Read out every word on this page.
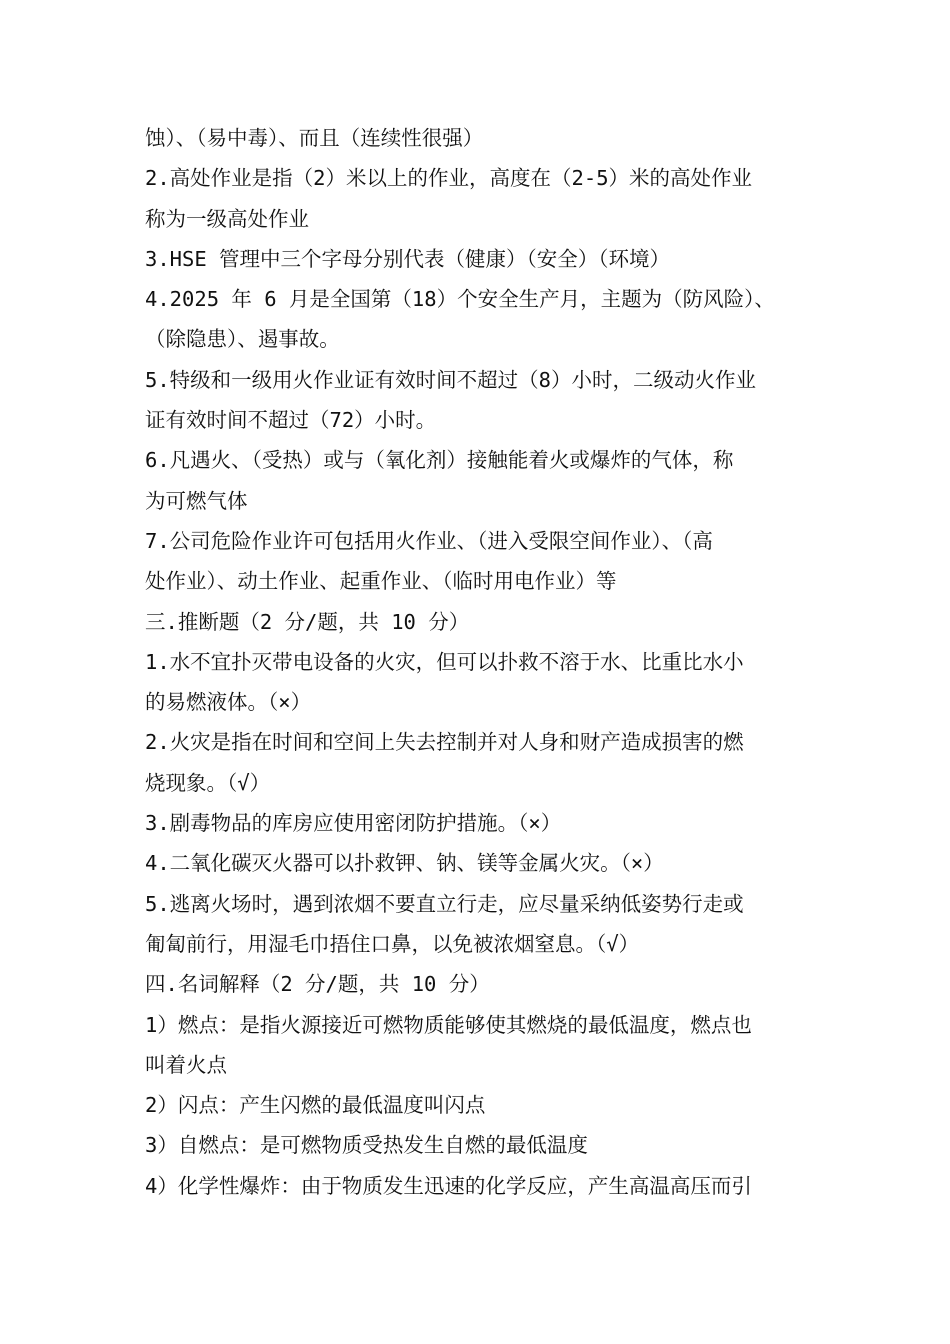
蚀）、（易中毒）、而且（连续性很强）
2.高处作业是指（2）米以上的作业，高度在（2-5）米的高处作业
称为一级高处作业
3.HSE 管理中三个字母分别代表（健康）（安全）（环境）
4.2025 年 6 月是全国第（18）个安全生产月，主题为（防风险）、
（除隐患）、遏事故。
5.特级和一级用火作业证有效时间不超过（8）小时，二级动火作业
证有效时间不超过（72）小时。
6.凡遇火、（受热）或与（氧化剂）接触能着火或爆炸的气体，称
为可燃气体
7.公司危险作业许可包括用火作业、（进入受限空间作业）、（高
处作业）、动土作业、起重作业、（临时用电作业）等
三.推断题（2 分/题，共 10 分）
1.水不宜扑灭带电设备的火灾，但可以扑救不溶于水、比重比水小
的易燃液体。（×）
2.火灾是指在时间和空间上失去控制并对人身和财产造成损害的燃
烧现象。（√）
3.剧毒物品的库房应使用密闭防护措施。（×）
4.二氧化碳灭火器可以扑救钾、钠、镁等金属火灾。（×）
5.逃离火场时，遇到浓烟不要直立行走，应尽量采纳低姿势行走或
匍匐前行，用湿毛巾捂住口鼻，以免被浓烟窒息。（√）
四.名词解释（2 分/题，共 10 分）
1）燃点：是指火源接近可燃物质能够使其燃烧的最低温度，燃点也
叫着火点
2）闪点：产生闪燃的最低温度叫闪点
3）自燃点：是可燃物质受热发生自燃的最低温度
4）化学性爆炸：由于物质发生迅速的化学反应，产生高温高压而引
